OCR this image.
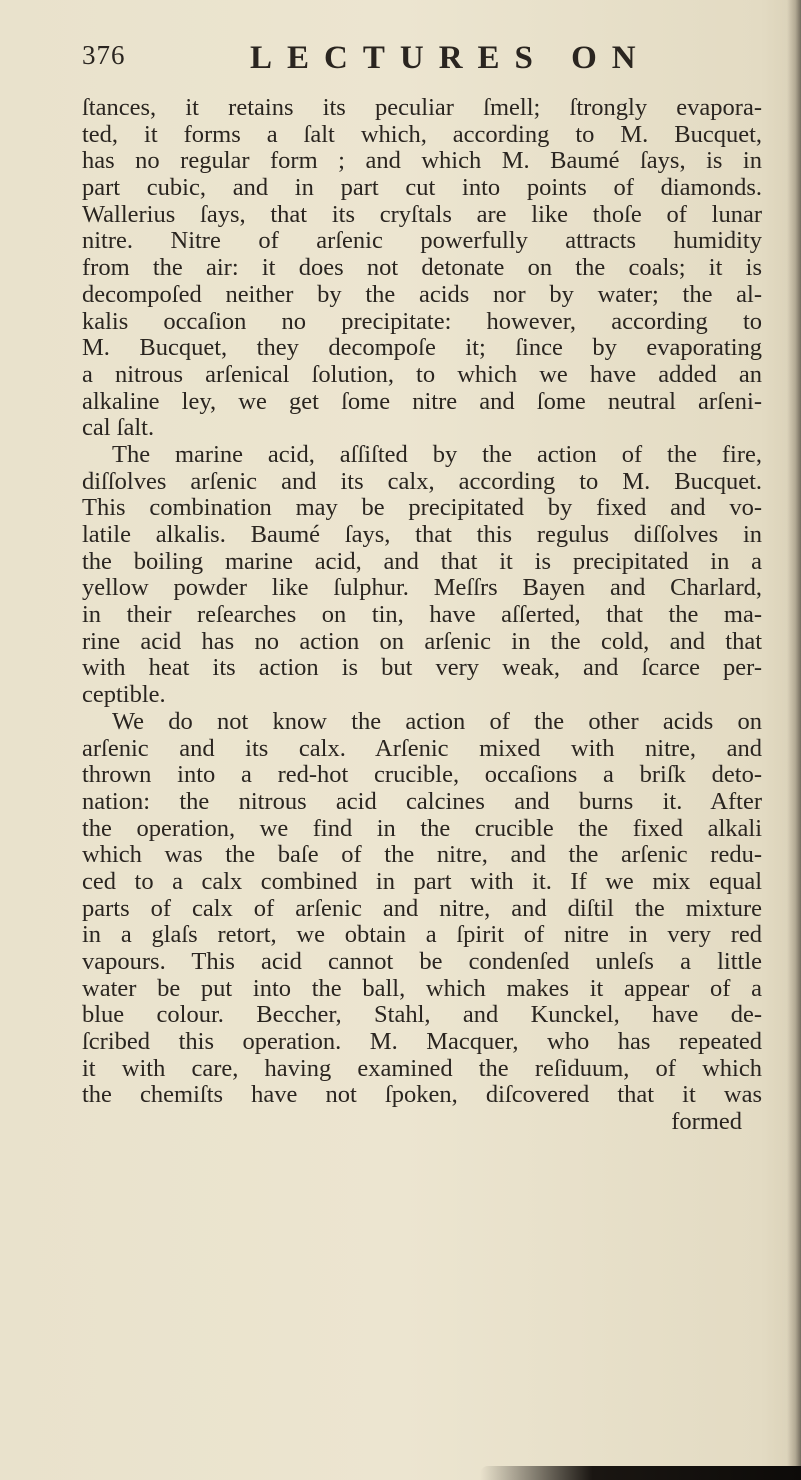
376	LECTURES ON
ſtances, it retains its peculiar ſmell; ſtrongly evapora-
ted, it forms a ſalt which, according to M. Bucquet,
has no regular form ; and which M. Baumé ſays, is in
part cubic, and in part cut into points of diamonds.
Wallerius ſays, that its cryſtals are like thoſe of lunar
nitre. Nitre of arſenic powerfully attracts humidity
from the air: it does not detonate on the coals; it is
decompoſed neither by the acids nor by water; the al-
kalis occaſion no precipitate: however, according to
M. Bucquet, they decompoſe it; ſince by evaporating
a nitrous arſenical ſolution, to which we have added an
alkaline ley, we get ſome nitre and ſome neutral arſeni-
cal ſalt.
The marine acid, aſſiſted by the action of the fire,
diſſolves arſenic and its calx, according to M. Bucquet.
This combination may be precipitated by fixed and vo-
latile alkalis. Baumé ſays, that this regulus diſſolves in
the boiling marine acid, and that it is precipitated in a
yellow powder like ſulphur. Meſſrs Bayen and Charlard,
in their reſearches on tin, have aſſerted, that the ma-
rine acid has no action on arſenic in the cold, and that
with heat its action is but very weak, and ſcarce per-
ceptible.
We do not know the action of the other acids on
arſenic and its calx. Arſenic mixed with nitre, and
thrown into a red-hot crucible, occaſions a briſk deto-
nation: the nitrous acid calcines and burns it. After
the operation, we find in the crucible the fixed alkali
which was the baſe of the nitre, and the arſenic redu-
ced to a calx combined in part with it. If we mix equal
parts of calx of arſenic and nitre, and diſtil the mixture
in a glaſs retort, we obtain a ſpirit of nitre in very red
vapours. This acid cannot be condenſed unleſs a little
water be put into the ball, which makes it appear of a
blue colour. Beccher, Stahl, and Kunckel, have de-
ſcribed this operation. M. Macquer, who has repeated
it with care, having examined the reſiduum, of which
the chemiſts have not ſpoken, diſcovered that it was
formed
